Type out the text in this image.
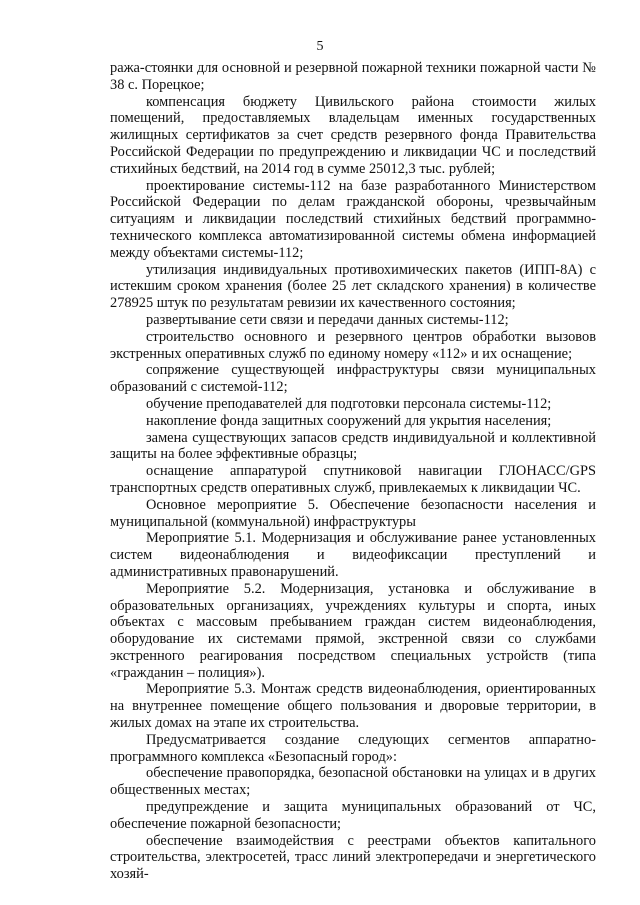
5

ража-стоянки для основной и резервной пожарной техники пожарной части № 38 с. Порецкое;

компенсация бюджету Цивильского района стоимости жилых помещений, предоставляемых владельцам именных государственных жилищных сертификатов за счет средств резервного фонда Правительства Российской Федерации по предупреждению и ликвидации ЧС и последствий стихийных бедствий, на 2014 год в сумме 25012,3 тыс. рублей;

проектирование системы-112 на базе разработанного Министерством Российской Федерации по делам гражданской обороны, чрезвычайным ситуациям и ликвидации последствий стихийных бедствий программно-технического комплекса автоматизированной системы обмена информацией между объектами системы-112;

утилизация индивидуальных противохимических пакетов (ИПП-8А) с истекшим сроком хранения (более 25 лет складского хранения) в количестве 278925 штук по результатам ревизии их качественного состояния;

развертывание сети связи и передачи данных системы-112;

строительство основного и резервного центров обработки вызовов экстренных оперативных служб по единому номеру «112» и их оснащение;

сопряжение существующей инфраструктуры связи муниципальных образований с системой-112;

обучение преподавателей для подготовки персонала системы-112;

накопление фонда защитных сооружений для укрытия населения;

замена существующих запасов средств индивидуальной и коллективной защиты на более эффективные образцы;

оснащение аппаратурой спутниковой навигации ГЛОНАСС/GPS транспортных средств оперативных служб, привлекаемых к ликвидации ЧС.

Основное мероприятие 5. Обеспечение безопасности населения и муниципальной (коммунальной) инфраструктуры

Мероприятие 5.1. Модернизация и обслуживание ранее установленных систем видеонаблюдения и видеофиксации преступлений и административных правонарушений.

Мероприятие 5.2. Модернизация, установка и обслуживание в образовательных организациях, учреждениях культуры и спорта, иных объектах с массовым пребыванием граждан систем видеонаблюдения, оборудование их системами прямой, экстренной связи со службами экстренного реагирования посредством специальных устройств (типа «гражданин – полиция»).

Мероприятие 5.3. Монтаж средств видеонаблюдения, ориентированных на внутреннее помещение общего пользования и дворовые территории, в жилых домах на этапе их строительства.

Предусматривается создание следующих сегментов аппаратно-программного комплекса «Безопасный город»:

обеспечение правопорядка, безопасной обстановки на улицах и в других общественных местах;

предупреждение и защита муниципальных образований от ЧС, обеспечение пожарной безопасности;

обеспечение взаимодействия с реестрами объектов капитального строительства, электросетей, трасс линий электропередачи и энергетического хозяй-
